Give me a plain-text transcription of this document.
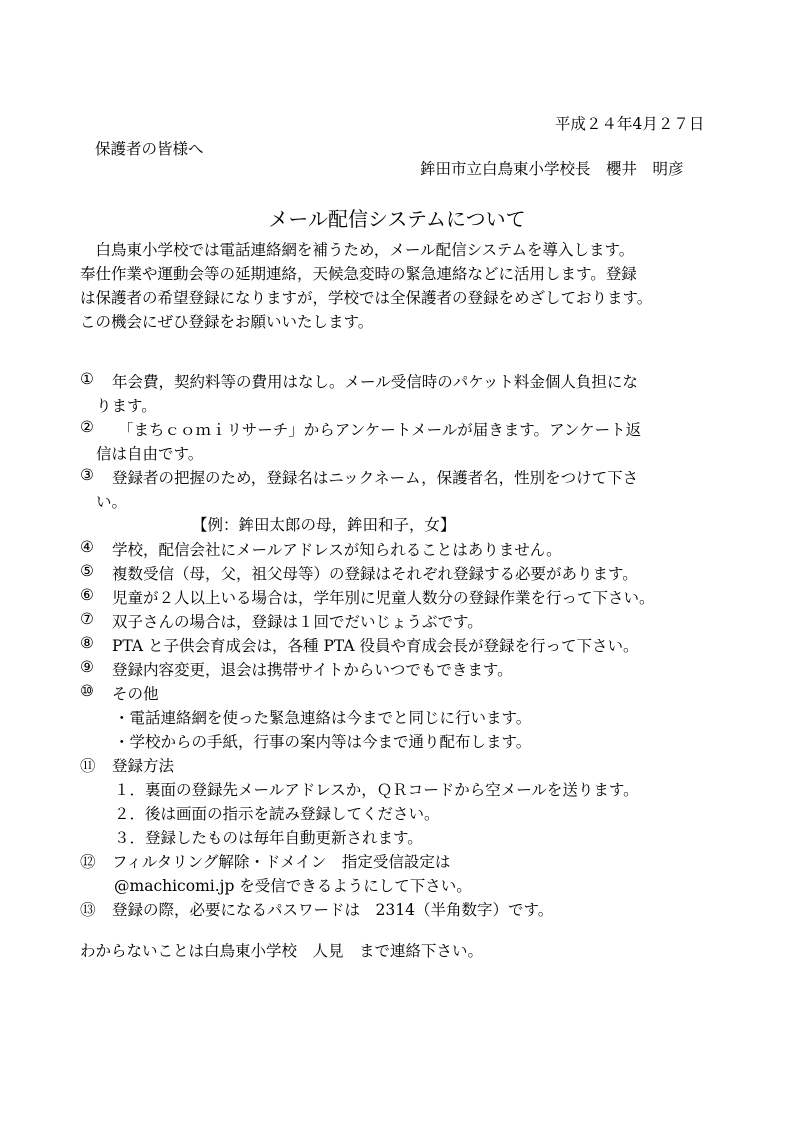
平成２４年4月２７日
保護者の皆様へ
鉾田市立白鳥東小学校長　櫻井　明彦
メール配信システムについて
　白鳥東小学校では電話連絡網を補うため，メール配信システムを導入します。
奉仕作業や運動会等の延期連絡，天候急変時の緊急連絡などに活用します。登録
は保護者の希望登録になりますが，学校では全保護者の登録をめざしております。
この機会にぜひ登録をお願いいたします。
①	年会費，契約料等の費用はなし。メール受信時のパケット料金個人負担にな
ります。
②	「まちｃｏｍｉリサーチ」からアンケートメールが届きます。アンケート返
信は自由です。
③	登録者の把握のため，登録名はニックネーム，保護者名，性別をつけて下さ
い。
【例：鉾田太郎の母，鉾田和子，女】
④	学校，配信会社にメールアドレスが知られることはありません。
⑤	複数受信（母，父，祖父母等）の登録はそれぞれ登録する必要があります。
⑥	児童が２人以上いる場合は，学年別に児童人数分の登録作業を行って下さい。
⑦	双子さんの場合は，登録は１回でだいじょうぶです。
⑧	PTA と子供会育成会は，各種 PTA 役員や育成会長が登録を行って下さい。
⑨	登録内容変更，退会は携帯サイトからいつでもできます。
⑩	その他
・電話連絡網を使った緊急連絡は今までと同じに行います。
・学校からの手紙，行事の案内等は今まで通り配布します。
⑪	登録方法
１．裏面の登録先メールアドレスか，ＱＲコードから空メールを送ります。
２．後は画面の指示を読み登録してください。
３．登録したものは毎年自動更新されます。
⑫	フィルタリング解除・ドメイン　指定受信設定は
@machicomi.jp を受信できるようにして下さい。
⑬	登録の際，必要になるパスワードは　2314（半角数字）です。
わからないことは白鳥東小学校　人見　まで連絡下さい。
